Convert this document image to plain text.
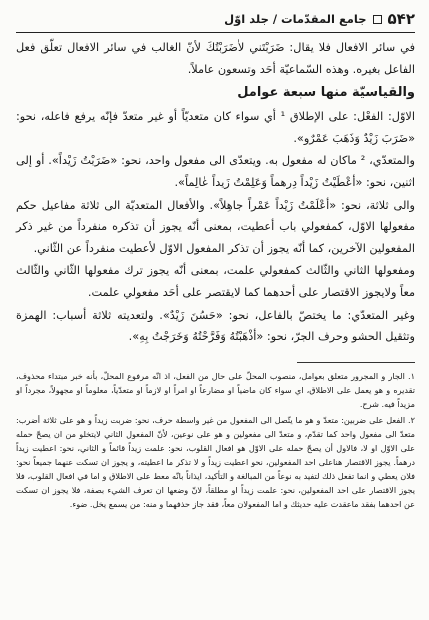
۵۴۲
جامع المقدّمات / جلد اوّل

في سائر الافعال فلا يقال: ضَرَبْتَني لاٰضَرَبْتُكَ لأنّ الغالب في سائر الافعال تعلّق فعل الفاعل بغيره. وهذه السّماعيّة أحَد وتسعون عاملاً.

والقياسيّة منها سبعة عوامل

الاوّل: الفعْل: على الإطلاق ¹ أي سواء كان متعديّاً أو غير متعدّ فإنّه يرفع فاعله، نحو: «ضَرَبَ زَيْدٌ وَذَهَبَ عَمْرٌو».

والمتعدّي، ² ماكان له مفعول به. ويتعدّى الى مفعول واحد، نحو: «ضَرَبْتُ زَيْداً». أو إلى اثنين، نحو: «أعْطَيْتُ زَيْداً دِرهماً وَعَلِمْتُ زَيداً عٰالِماً».

والى ثلاثة، نحو: «أعْلَمْتُ زَيْداً عَمْراً جاهِلاً». والأفعال المتعديّة الى ثلاثة مفاعيل حكم مفعولها الاوّل، كمفعولي باب أعطيت، بمعنى أنّه يجوز أن تذكره منفرداً من غير ذكر المفعولين الآخرين، كما أنّه يجوز أن تذكر المفعول الاوّل لأعطيت منفرداً عن الثّاني.

ومفعولها الثاني والثّالث كمفعولي علمت، بمعنى أنّه يجوز ترك مفعولها الثّاني والثّالث معاً ولايجوز الاقتصار على أحدهما كما لايقتصر على أحَد مفعولي علمت.

وغير المتعدّي: ما يختصّ بالفاعل، نحو: «حَسُنَ زَيْدٌ». ولتعديته ثلاثة أسباب: الهمزة وتثقيل الحشو وحرف الجرّ، نحو: «أذْهَبْتُهُ وَفَرَّحْتُهُ وَخَرَجْتُ بِهِ».

١. الجار و المجرور متعلق بعوامل، منصوب المحلّ على حال من الفعل، اذ انّه مرفوع المحلّ، بأنه خبر مبتداء محذوف، تقديره و هو يعمل على الاطلاق، اي سواء كان ماضياً او مضارعاً او امراً او لازماً او متعدّياً، معلوماً او مجهولاً، مجرداً او مزيداً فيه. شرح.

٢. الفعل على ضربين: متعدّ و هو ما يتّصل الى المفعول من غير واسطة حرف، نحو: ضربت زيداً و هو على ثلاثة أضرب: متعدّ الى مفعول واحد كما تقدّم، و متعدّ الى مفعولين و هو على نوعين، لأنّ المفعول الثاني لايتخلو من ان يصحّ حمله على الاوّل او لا، فالاول أن يصحّ حمله على الاوّل هو افعال القلوب، نحو: علمت زيداً قائماً و الثاني، نحو: اعطيت زيداً درهماً. يجوز الاقتصار هناعلى احد المفعولين، نحو اعطيت زيداً و لا تذكر ما اعطيته، و يجوز ان تسكت عنهما جميعاً نحو: فلان يعطي و انما تفعل ذلك لتفيد به نوعاً من المبالغة و التأكيد، ايذاناً بانّه معط على الاطلاق و اما في افعال القلوب، فلا يجوز الاقتصار على احد المفعولين، نحو: علمت زيداً او مطلقاً، لانّ وضعها ان تعرف الشيء بصفة، فلا يجوز ان تسكت عن احدهما بفقد ماعقدت عليه حديثك و اما المفعولان معاً، فقد جاز حذفهما و منه: من يسمع يخل. ضوء.
